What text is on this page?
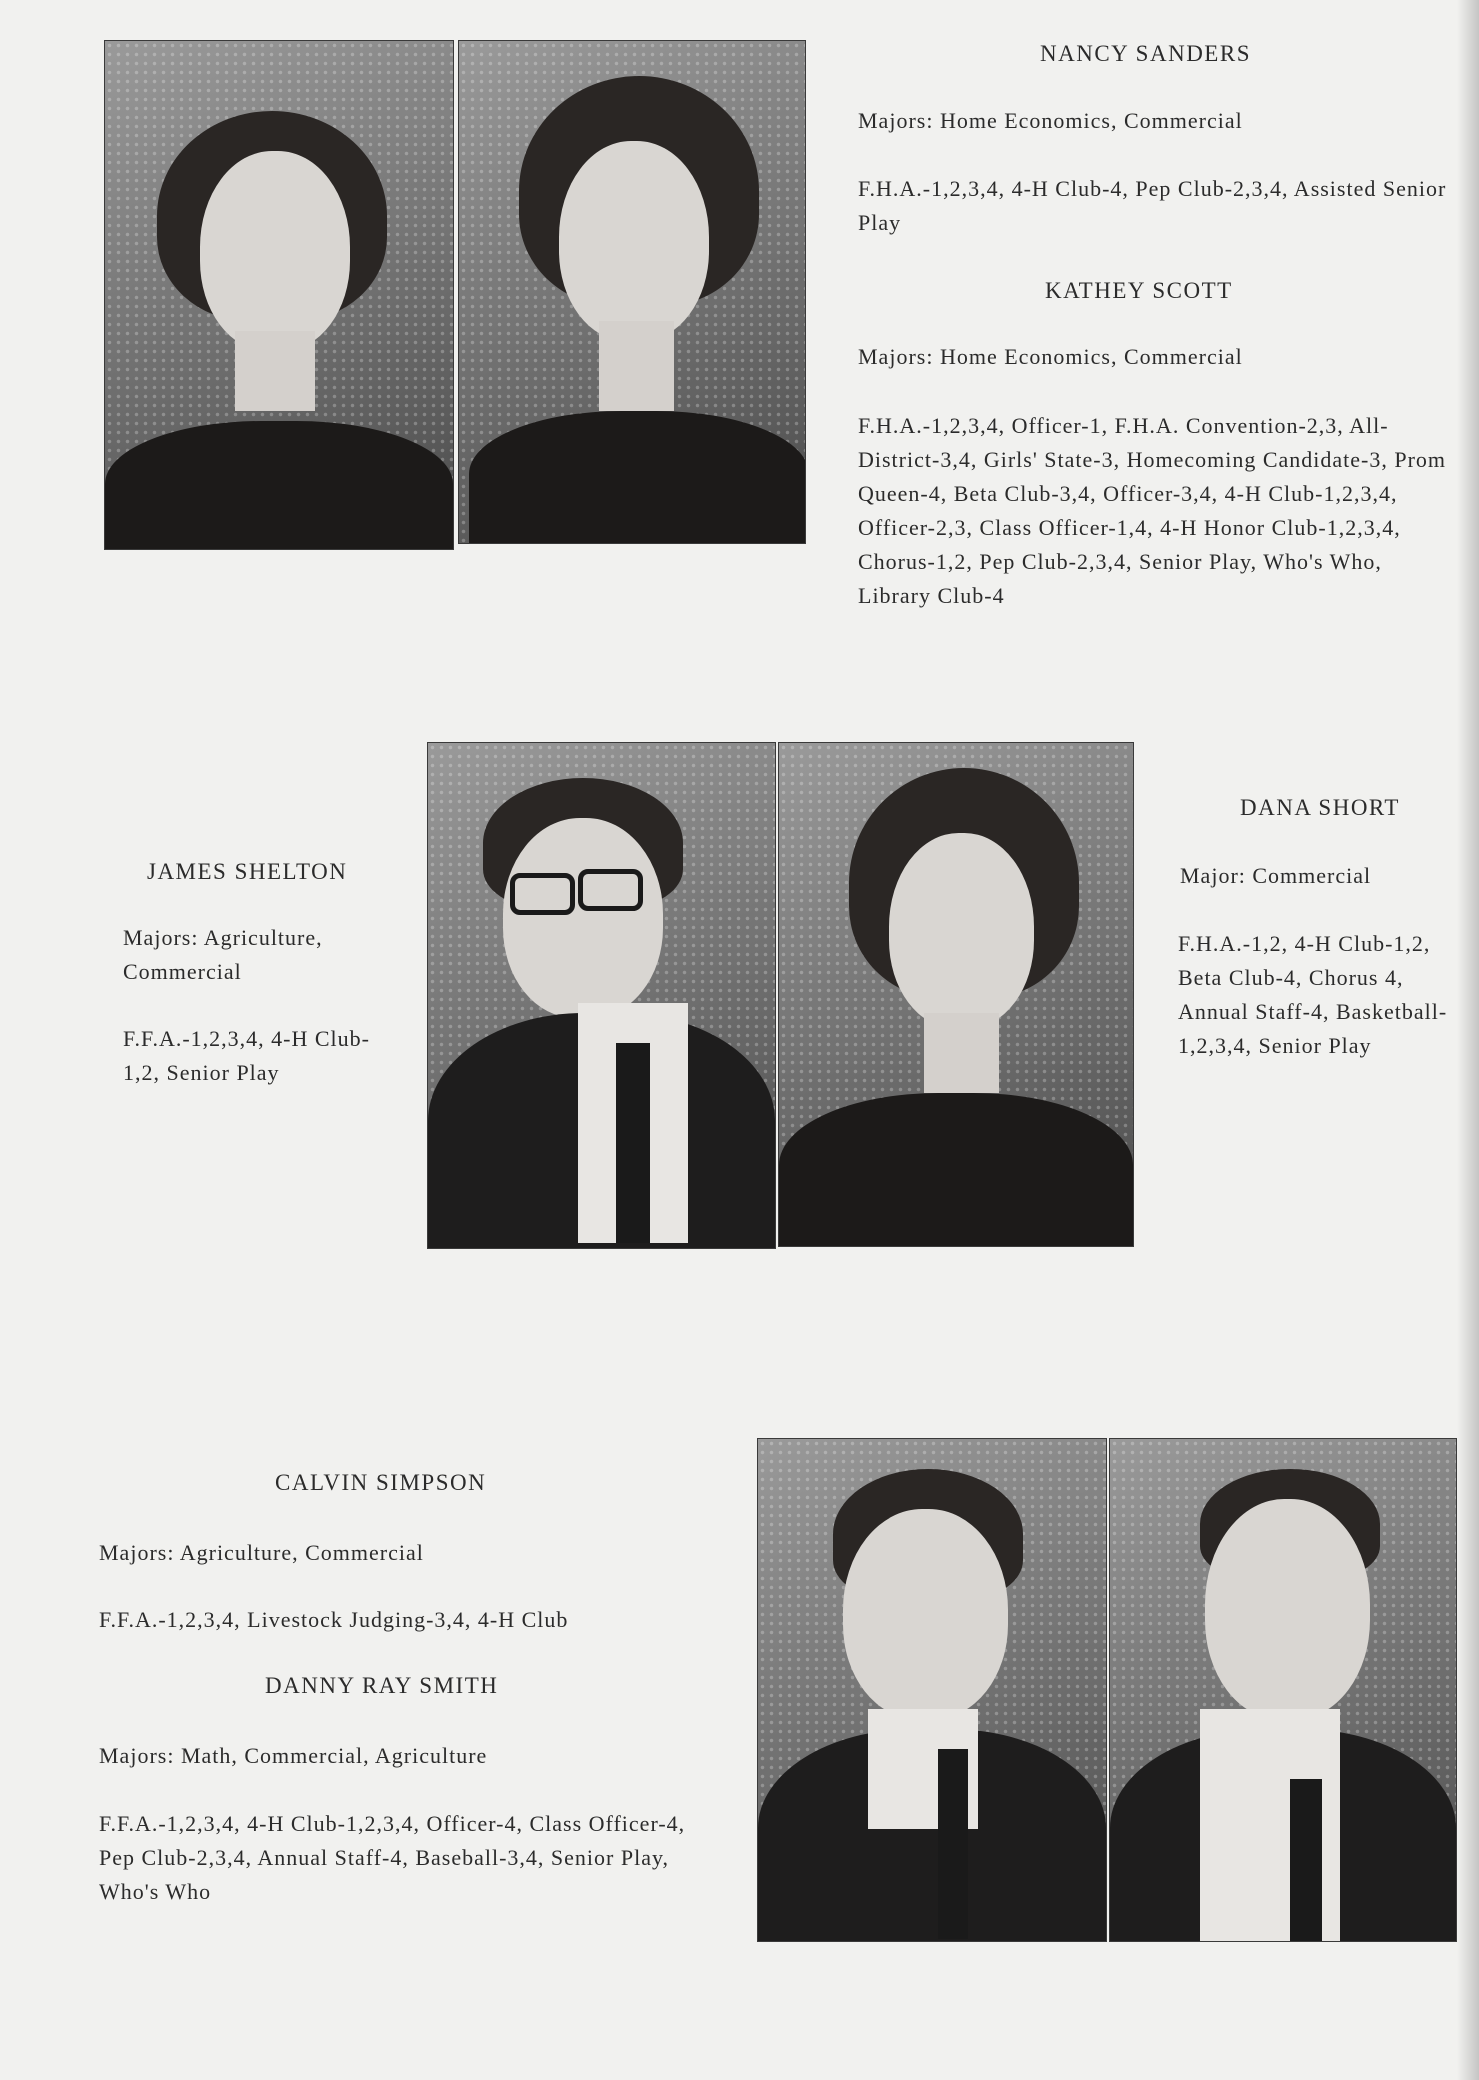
NANCY SANDERS
Majors: Home Economics, Commercial
F.H.A.-1,2,3,4, 4-H Club-4, Pep Club-2,3,4, Assisted Senior Play
KATHEY SCOTT
Majors: Home Economics, Commercial
F.H.A.-1,2,3,4, Officer-1, F.H.A. Convention-2,3, All-District-3,4, Girls' State-3, Homecoming Candidate-3, Prom Queen-4, Beta Club-3,4, Officer-3,4, 4-H Club-1,2,3,4, Officer-2,3, Class Officer-1,4, 4-H Honor Club-1,2,3,4, Chorus-1,2, Pep Club-2,3,4, Senior Play, Who's Who, Library Club-4
JAMES SHELTON
Majors: Agriculture, Commercial
F.F.A.-1,2,3,4, 4-H Club-1,2, Senior Play
DANA SHORT
Major: Commercial
F.H.A.-1,2, 4-H Club-1,2, Beta Club-4, Chorus 4, Annual Staff-4, Basketball-1,2,3,4, Senior Play
CALVIN SIMPSON
Majors: Agriculture, Commercial
F.F.A.-1,2,3,4, Livestock Judging-3,4, 4-H Club
DANNY RAY SMITH
Majors: Math, Commercial, Agriculture
F.F.A.-1,2,3,4, 4-H Club-1,2,3,4, Officer-4, Class Officer-4, Pep Club-2,3,4, Annual Staff-4, Baseball-3,4, Senior Play, Who's Who
